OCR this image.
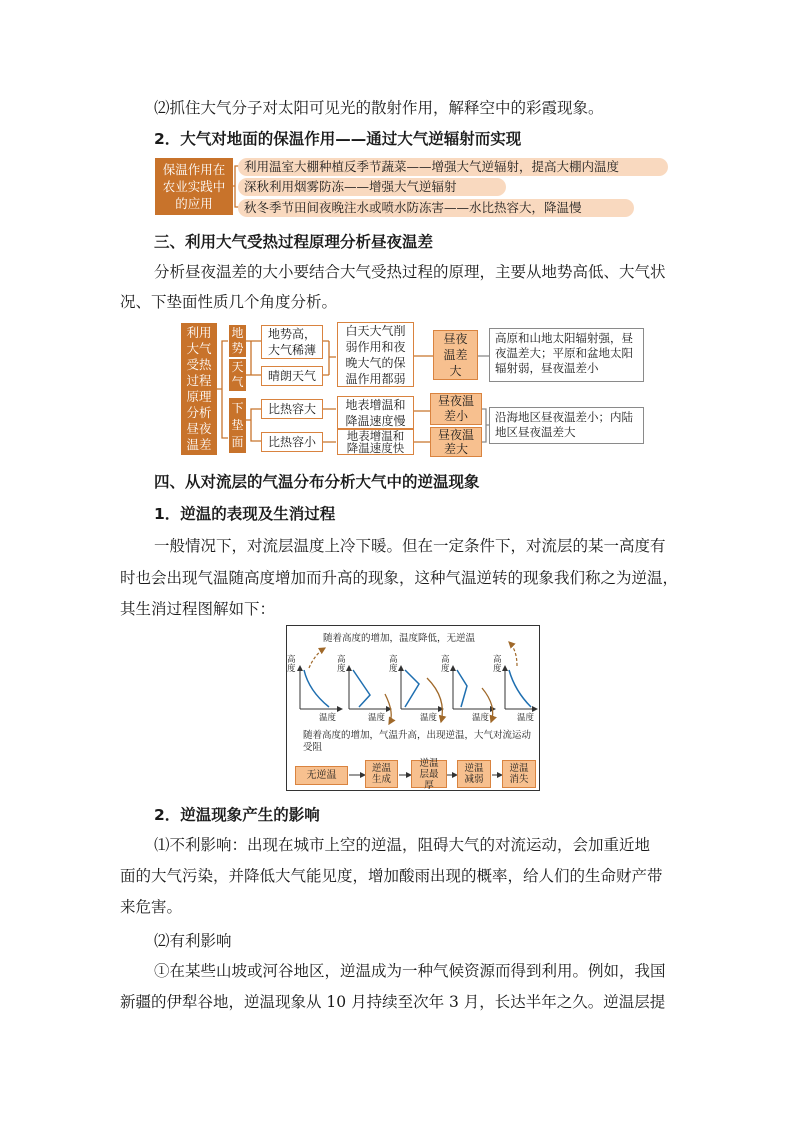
⑵抓住大气分子对太阳可见光的散射作用，解释空中的彩霞现象。
2．大气对地面的保温作用——通过大气逆辐射而实现
保温作用在农业实践中的应用
利用温室大棚种植反季节蔬菜——增强大气逆辐射，提高大棚内温度
深秋利用烟雾防冻——增强大气逆辐射
秋冬季节田间夜晚注水或喷水防冻害——水比热容大，降温慢
三、利用大气受热过程原理分析昼夜温差
分析昼夜温差的大小要结合大气受热过程的原理，主要从地势高低、大气状
况、下垫面性质几个角度分析。
利用大气受热过程原理分析昼夜温差
地势
天气
下垫面
地势高，大气稀薄
晴朗天气
比热容大
比热容小
白天大气削弱作用和夜晚大气的保温作用都弱
地表增温和降温速度慢
地表增温和降温速度快
昼夜温差大
昼夜温差小
昼夜温差大
高原和山地太阳辐射强，昼夜温差大；平原和盆地太阳辐射弱，昼夜温差小
沿海地区昼夜温差小；内陆地区昼夜温差大
四、从对流层的气温分布分析大气中的逆温现象
1．逆温的表现及生消过程
一般情况下，对流层温度上冷下暖。但在一定条件下，对流层的某一高度有
时也会出现气温随高度增加而升高的现象，这种气温逆转的现象我们称之为逆温，
其生消过程图解如下：
随着高度的增加，温度降低，无逆温
随着高度的增加，气温升高，出现逆温，大气对流运动受阻
高度
高度
高度
高度
高度
温度	温度	温度	温度	温度
无逆温
逆温生成
逆温层最厚
逆温减弱
逆温消失
2．逆温现象产生的影响
⑴不利影响：出现在城市上空的逆温，阻碍大气的对流运动，会加重近地
面的大气污染，并降低大气能见度，增加酸雨出现的概率，给人们的生命财产带
来危害。
⑵有利影响
①在某些山坡或河谷地区，逆温成为一种气候资源而得到利用。例如，我国
新疆的伊犁谷地，逆温现象从 10 月持续至次年 3 月，长达半年之久。逆温层提
